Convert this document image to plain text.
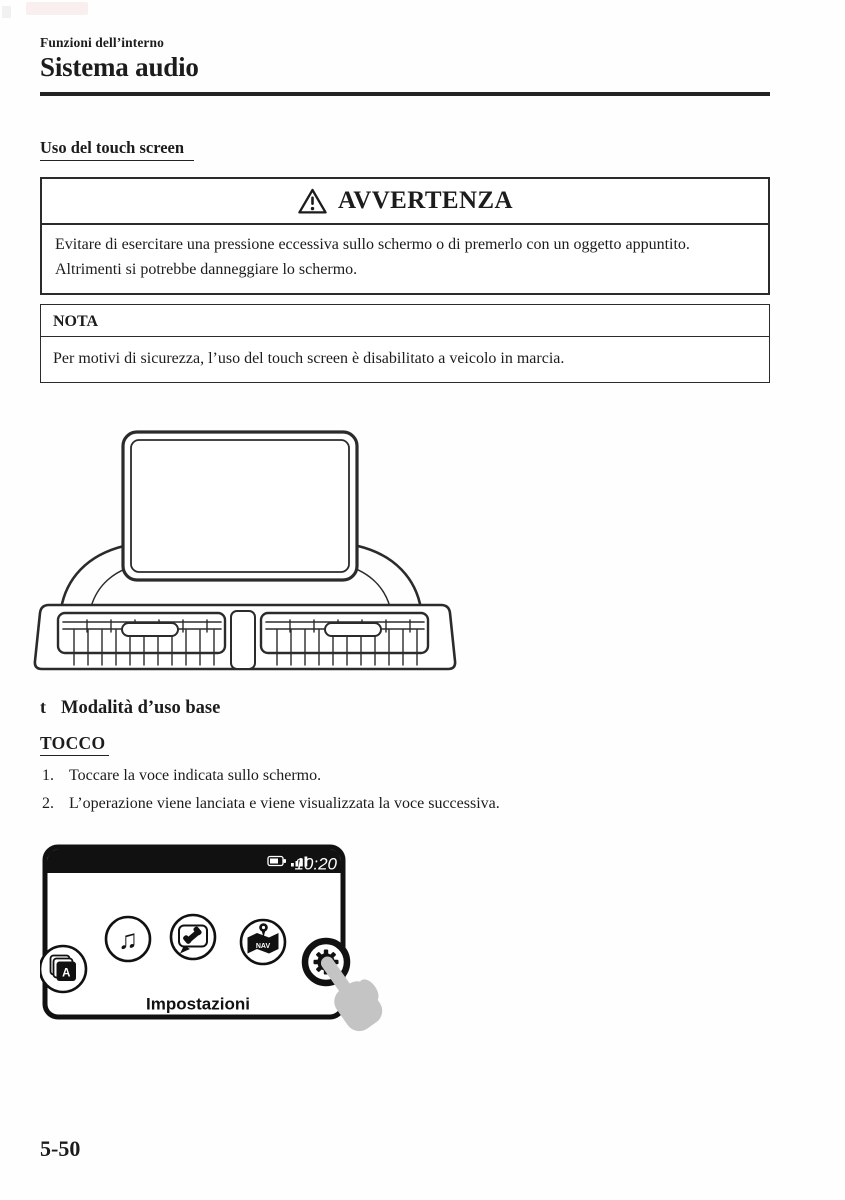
Funzioni dell’interno
Sistema audio
Uso del touch screen
AVVERTENZA
Evitare di esercitare una pressione eccessiva sullo schermo o di premerlo con un oggetto appuntito. Altrimenti si potrebbe danneggiare lo schermo.
NOTA
Per motivi di sicurezza, l’uso del touch screen è disabilitato a veicolo in marcia.
t Modalità d’uso base
TOCCO
1. Toccare la voce indicata sullo schermo.
2. L’operazione viene lanciata e viene visualizzata la voce successiva.
10:20
A
♫	NAV
Impostazioni
5-50
